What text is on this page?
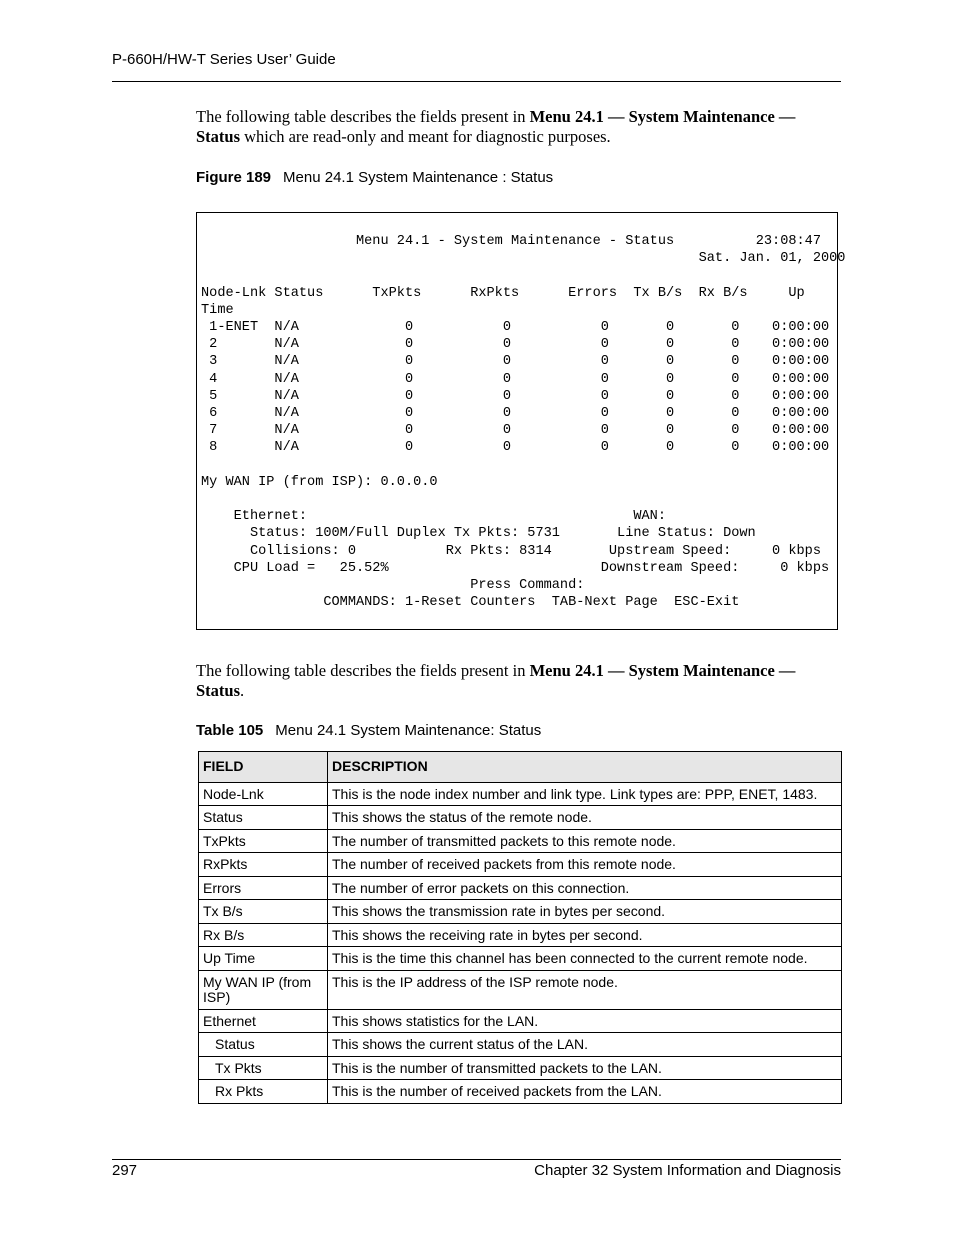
P-660H/HW-T Series User’ Guide
The following table describes the fields present in Menu 24.1 — System Maintenance — Status which are read-only and meant for diagnostic purposes.
Figure 189 Menu 24.1 System Maintenance : Status
Menu 24.1 - System Maintenance - Status          23:08:47
Sat. Jan. 01, 2000

Node-Lnk Status      TxPkts      RxPkts      Errors  Tx B/s  Rx B/s     Up
Time
1-ENET  N/A             0           0           0       0       0    0:00:00
2       N/A             0           0           0       0       0    0:00:00
3       N/A             0           0           0       0       0    0:00:00
4       N/A             0           0           0       0       0    0:00:00
5       N/A             0           0           0       0       0    0:00:00
6       N/A             0           0           0       0       0    0:00:00
7       N/A             0           0           0       0       0    0:00:00
8       N/A             0           0           0       0       0    0:00:00

My WAN IP (from ISP): 0.0.0.0

Ethernet:                                        WAN:
Status: 100M/Full Duplex Tx Pkts: 5731       Line Status: Down
Collisions: 0           Rx Pkts: 8314       Upstream Speed:     0 kbps
CPU Load =   25.52%                          Downstream Speed:     0 kbps
Press Command:
COMMANDS: 1-Reset Counters  TAB-Next Page  ESC-Exit
The following table describes the fields present in Menu 24.1 — System Maintenance — Status.
Table 105 Menu 24.1 System Maintenance: Status
FIELD	DESCRIPTION
Node-Lnk	This is the node index number and link type. Link types are: PPP, ENET, 1483.
Status	This shows the status of the remote node.
TxPkts	The number of transmitted packets to this remote node.
RxPkts	The number of received packets from this remote node.
Errors	The number of error packets on this connection.
Tx B/s	This shows the transmission rate in bytes per second.
Rx B/s	This shows the receiving rate in bytes per second.
Up Time	This is the time this channel has been connected to the current remote node.
My WAN IP (from ISP)	This is the IP address of the ISP remote node.
Ethernet	This shows statistics for the LAN.
Status	This shows the current status of the LAN.
Tx Pkts	This is the number of transmitted packets to the LAN.
Rx Pkts	This is the number of received packets from the LAN.
297	Chapter 32 System Information and Diagnosis
